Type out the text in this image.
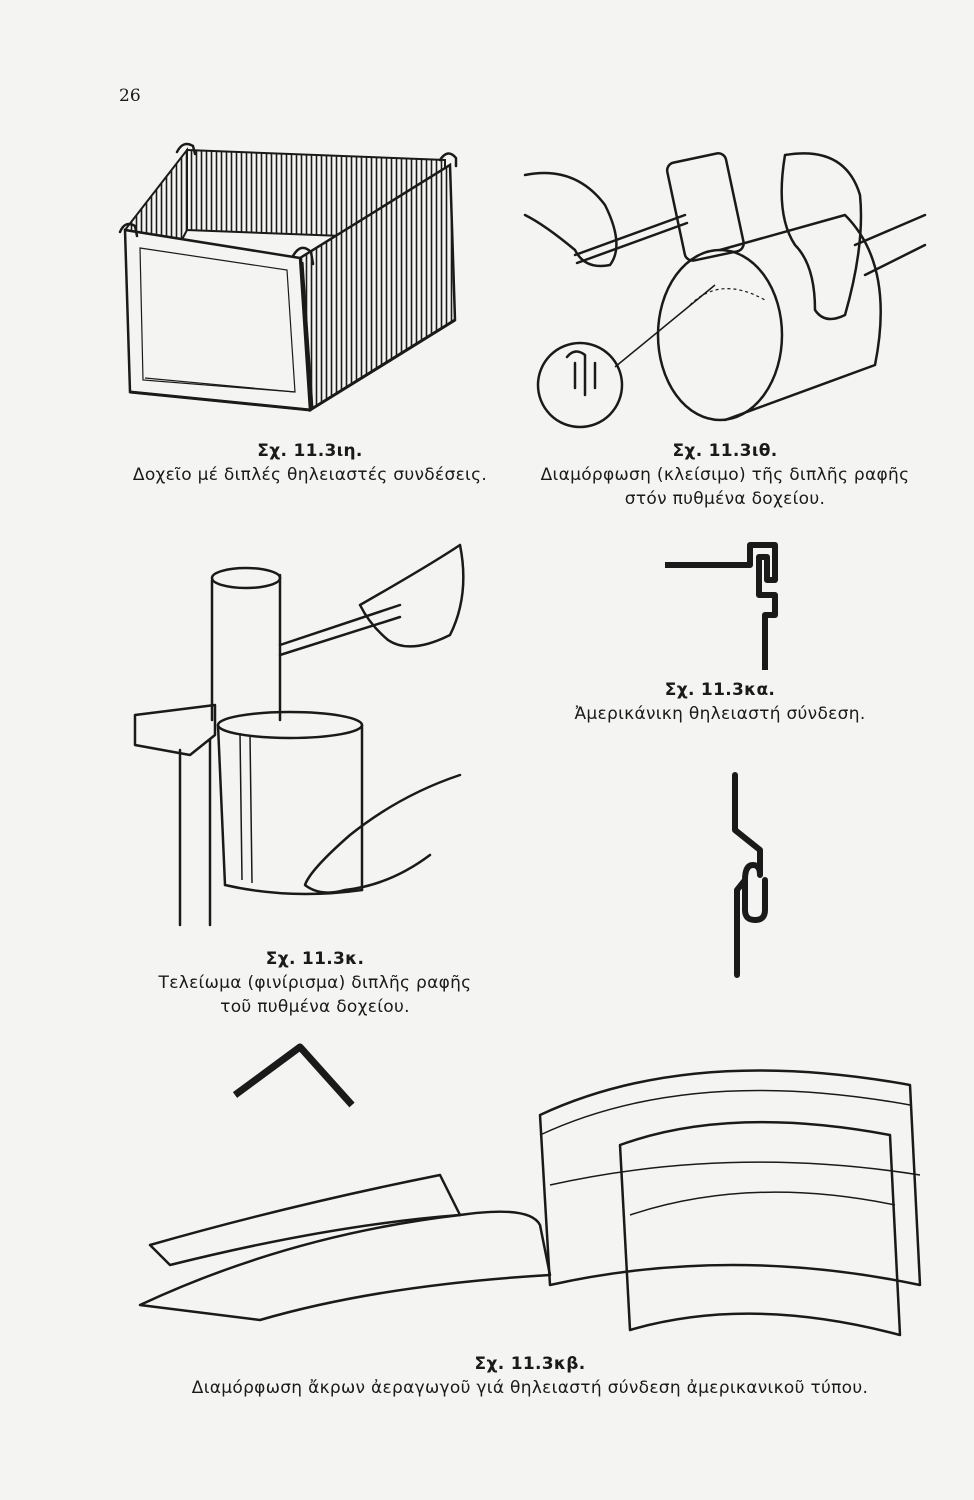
26
Σχ. 11.3ιη.
Δοχεῖο μέ διπλές θηλειαστές συνδέσεις.
Σχ. 11.3ιθ.
Διαμόρφωση (κλείσιμο) τῆς διπλῆς ραφῆς
στόν πυθμένα δοχείου.
Σχ. 11.3κ.
Τελείωμα (φινίρισμα) διπλῆς ραφῆς
τοῦ πυθμένα δοχείου.
Σχ. 11.3κα.
Ἀμερικάνικη θηλειαστή σύνδεση.
Σχ. 11.3κβ.
Διαμόρφωση ἄκρων ἀεραγωγοῦ γιά θηλειαστή σύνδεση ἀμερικανικοῦ τύπου.
